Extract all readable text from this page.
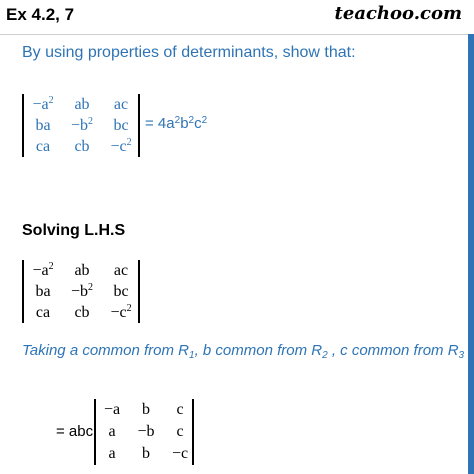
Ex 4.2, 7	teachoo.com
By using properties of determinants, show that:
$-a^2$	ab	ac
ba	$-b^2$	bc
ca	cb	$-c^2$
= $4a^2b^2c^2$
Solving L.H.S
$-a^2$	ab	ac
ba	$-b^2$	bc
ca	cb	$-c^2$
Taking a common from $R_1$, b common from $R_2$ , c common from $R_3$
= abc
−a	b	c
a	−b	c
a	b	−c
